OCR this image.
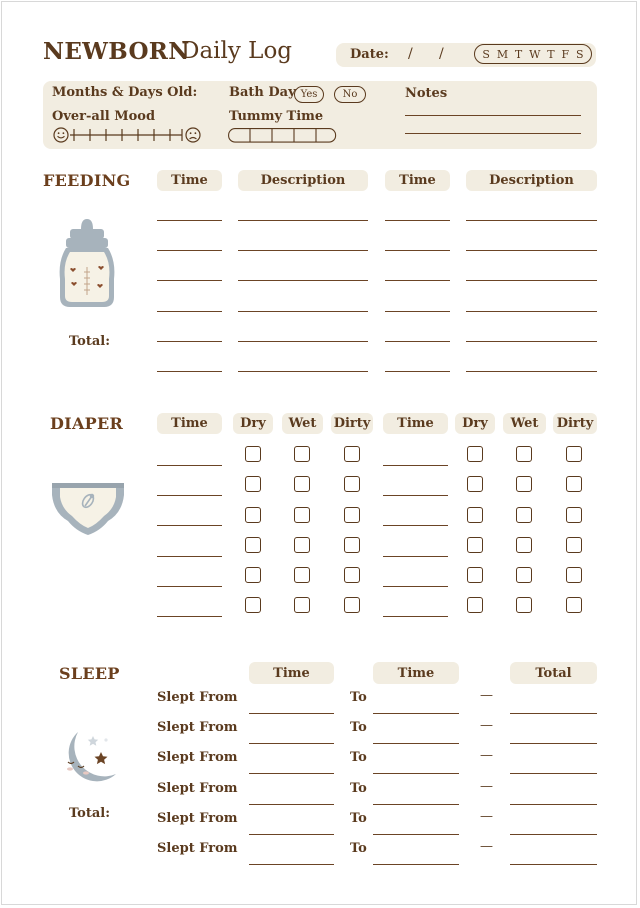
NEWBORN
Daily Log	Date: / /	S M T W T F S
Months & Days Old: Bath Day Yes	No	Notes
Over-all Mood	Tummy Time
FEEDING	Time	Description	Time	Description
Total:
DIAPER	Time	Dry	Wet	Dirty	Time	Dry	Wet	Dirty
SLEEP	Time	Time	Total
Slept From	To	—
Slept From	To	—
Slept From	To	—
Slept From	To	—
Slept From	To	—
Slept From	To	—
Total:
